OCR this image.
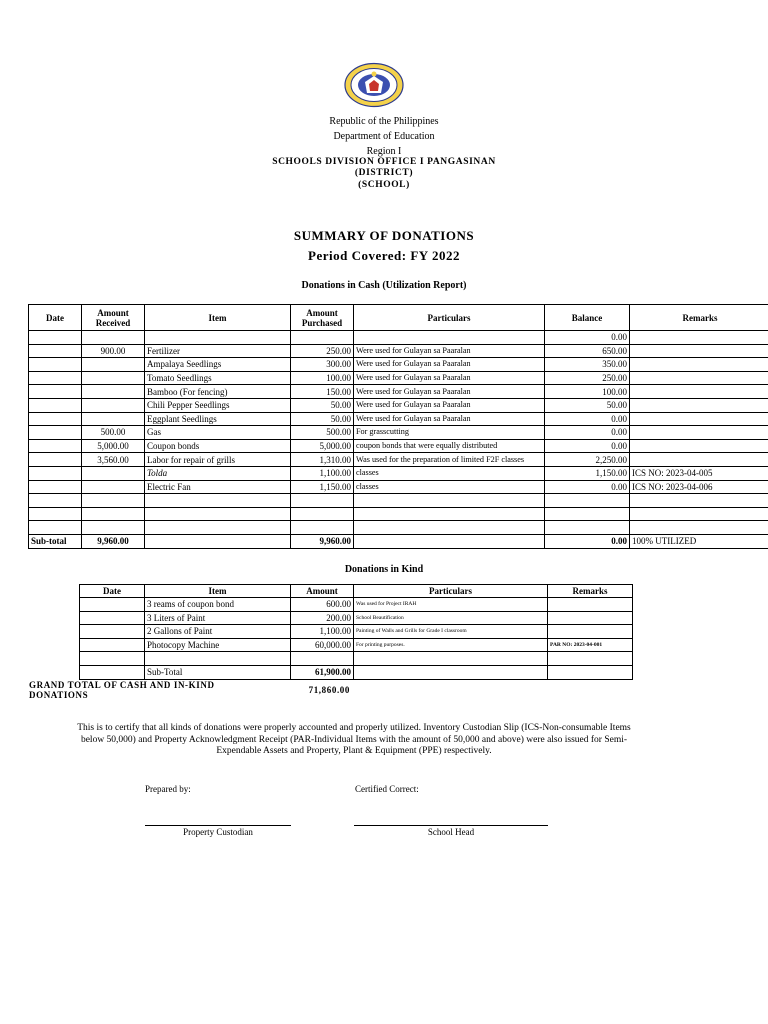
Republic of the Philippines
Department of Education
Region I
SCHOOLS DIVISION OFFICE I PANGASINAN
(DISTRICT)
(SCHOOL)
SUMMARY OF DONATIONS
Period Covered: FY 2022
Donations in Cash (Utilization Report)
Date	Amount Received	Item	Amount Purchased	Particulars	Balance	Remarks
					0.00	
	900.00	Fertilizer	250.00	Were used for Gulayan sa Paaralan	650.00	
		Ampalaya Seedlings	300.00	Were used for Gulayan sa Paaralan	350.00	
		Tomato Seedlings	100.00	Were used for Gulayan sa Paaralan	250.00	
		Bamboo (For fencing)	150.00	Were used for Gulayan sa Paaralan	100.00	
		Chili Pepper Seedlings	50.00	Were used for Gulayan sa Paaralan	50.00	
		Eggplant Seedlings	50.00	Were used for Gulayan sa Paaralan	0.00	
	500.00	Gas	500.00	For grasscutting	0.00	
	5,000.00	Coupon bonds	5,000.00	coupon bonds that were equally distributed	0.00	
	3,560.00	Labor for repair of grills	1,310.00	Was used for the preparation of limited F2F classes	2,250.00	
		Tolda	1,100.00	classes	1,150.00	ICS NO: 2023-04-005
		Electric Fan	1,150.00	classes	0.00	ICS NO: 2023-04-006

Sub-total	9,960.00		9,960.00		0.00	100% UTILIZED
Donations in Kind
Date	Item	Amount	Particulars	Remarks
	3 reams of coupon bond	600.00	Was used for Project IRAH	
	3 Liters of Paint	200.00	School Beautification	
	2 Gallons of Paint	1,100.00	Painting of Walls and Grills for Grade I classroom	
	Photocopy Machine	60,000.00	For printing purposes.	PAR NO: 2023-04-001

	Sub-Total	61,900.00		
GRAND TOTAL OF CASH AND IN-KIND
DONATIONS	71,860.00
This is to certify that all kinds of donations were properly accounted and properly utilized. Inventory Custodian Slip (ICS-Non-consumable Items below 50,000) and Property Acknowledgment Receipt (PAR-Individual Items with the amount of 50,000 and above) were also issued for Semi-Expendable Assets and Property, Plant & Equipment (PPE) respectively.
Prepared by:	Certified Correct:
Property Custodian	School Head
